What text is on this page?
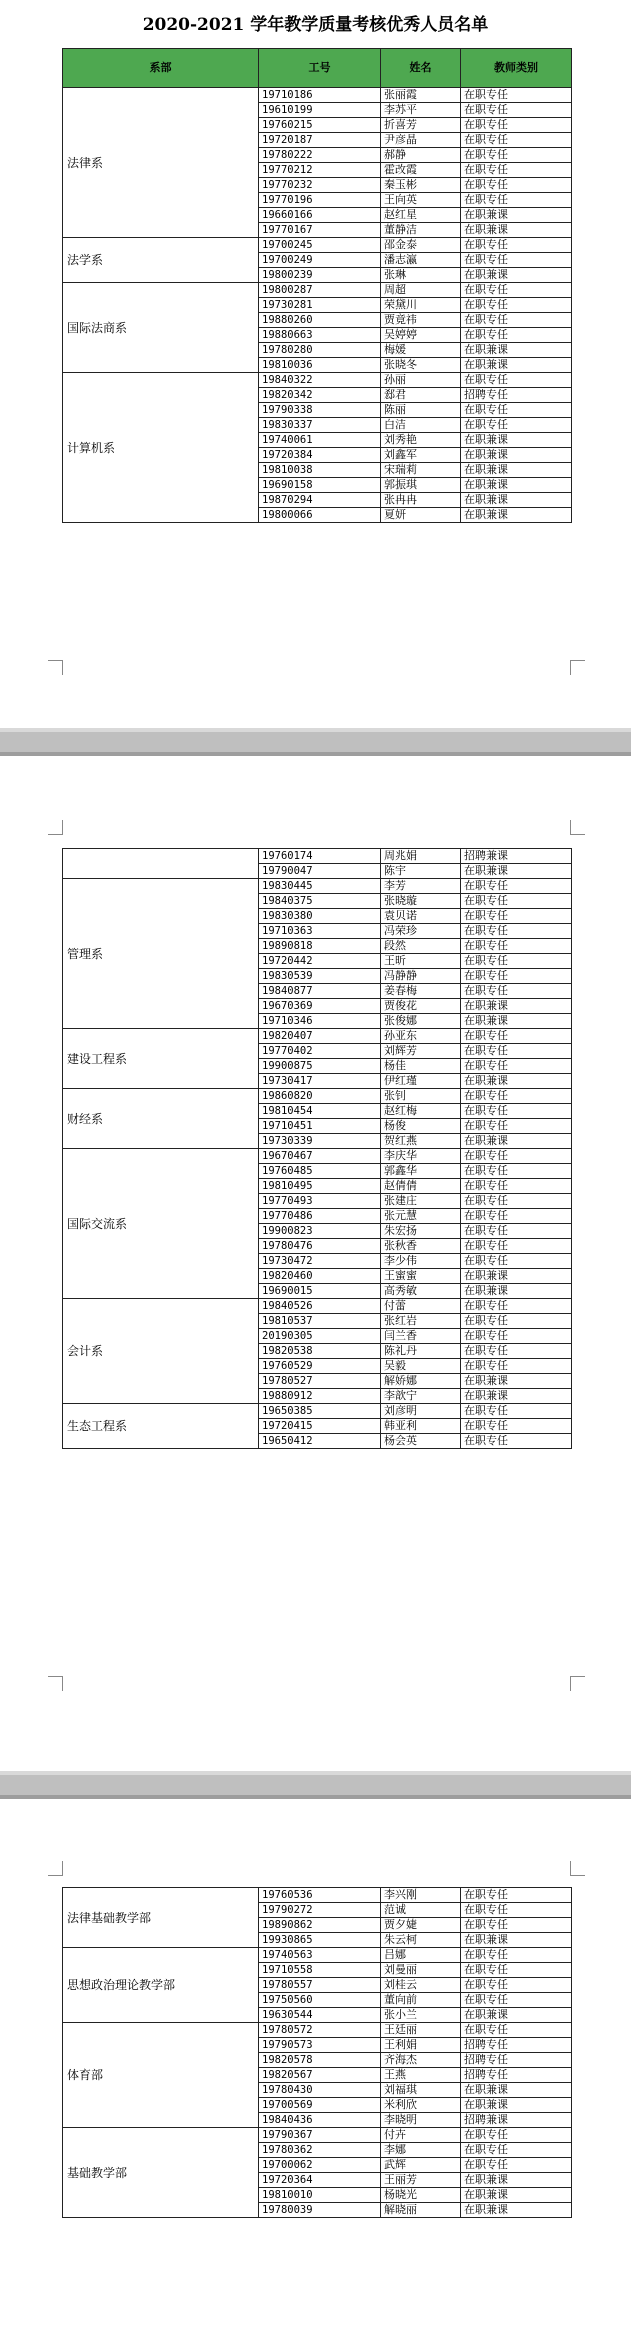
2020-2021 学年教学质量考核优秀人员名单
系部	工号	姓名	教师类别
法律系	19710186	张丽霞	在职专任
	19610199	李苏平	在职专任
	19760215	折喜芳	在职专任
	19720187	尹彦晶	在职专任
	19780222	郝静	在职专任
	19770212	霍改霞	在职专任
	19770232	秦玉彬	在职专任
	19770196	王向英	在职专任
	19660166	赵红星	在职兼课
	19770167	董静洁	在职兼课
法学系	19700245	邵金泰	在职专任
	19700249	潘志瀛	在职专任
	19800239	张琳	在职兼课
国际法商系	19800287	周超	在职专任
	19730281	荣黛川	在职专任
	19880260	贾竟祎	在职专任
	19880663	吴婷婷	在职专任
	19780280	梅媛	在职兼课
	19810036	张晓冬	在职兼课
计算机系	19840322	孙丽	在职专任
	19820342	郄君	招聘专任
	19790338	陈丽	在职专任
	19830337	白洁	在职专任
	19740061	刘秀艳	在职兼课
	19720384	刘鑫军	在职兼课
	19810038	宋瑞莉	在职兼课
	19690158	郭振琪	在职兼课
	19870294	张冉冉	在职兼课
	19800066	夏妍	在职兼课
	19760174	周兆娟	招聘兼课
	19790047	陈宇	在职兼课
管理系	19830445	李芳	在职专任
	19840375	张晓璇	在职专任
	19830380	袁贝诺	在职专任
	19710363	冯荣珍	在职专任
	19890818	段然	在职专任
	19720442	王昕	在职专任
	19830539	冯静静	在职专任
	19840877	姜春梅	在职专任
	19670369	贾俊花	在职兼课
	19710346	张俊娜	在职兼课
建设工程系	19820407	孙亚东	在职专任
	19770402	刘辉芳	在职专任
	19900875	杨佳	在职专任
	19730417	伊红瑾	在职兼课
财经系	19860820	张钊	在职专任
	19810454	赵红梅	在职专任
	19710451	杨俊	在职专任
	19730339	贺红燕	在职兼课
国际交流系	19670467	李庆华	在职专任
	19760485	郭鑫华	在职专任
	19810495	赵倩倩	在职专任
	19770493	张建庄	在职专任
	19770486	张元慧	在职专任
	19900823	朱宏扬	在职专任
	19780476	张秋香	在职专任
	19730472	李少伟	在职专任
	19820460	王蜜蜜	在职兼课
	19690015	高秀敏	在职兼课
会计系	19840526	付蕾	在职专任
	19810537	张红岩	在职专任
	20190305	闫兰香	在职专任
	19820538	陈礼丹	在职专任
	19760529	吴毅	在职专任
	19780527	解娇娜	在职兼课
	19880912	李歆宁	在职兼课
生态工程系	19650385	刘彦明	在职专任
	19720415	韩亚利	在职专任
	19650412	杨会英	在职专任
法律基础教学部	19760536	李兴刚	在职专任
	19790272	范诚	在职专任
	19890862	贾夕婕	在职专任
	19930865	朱云柯	在职兼课
思想政治理论教学部	19740563	吕娜	在职专任
	19710558	刘曼丽	在职专任
	19780557	刘桂云	在职专任
	19750560	董向前	在职专任
	19630544	张小兰	在职兼课
体育部	19780572	王廷丽	在职专任
	19790573	王利娟	招聘专任
	19820578	齐海杰	招聘专任
	19820567	王燕	招聘专任
	19780430	刘福琪	在职兼课
	19700569	米利欣	在职兼课
	19840436	李晓明	招聘兼课
基础教学部	19790367	付卉	在职专任
	19780362	李娜	在职专任
	19700062	武辉	在职专任
	19720364	王丽芳	在职兼课
	19810010	杨晓光	在职兼课
	19780039	解晓丽	在职兼课
